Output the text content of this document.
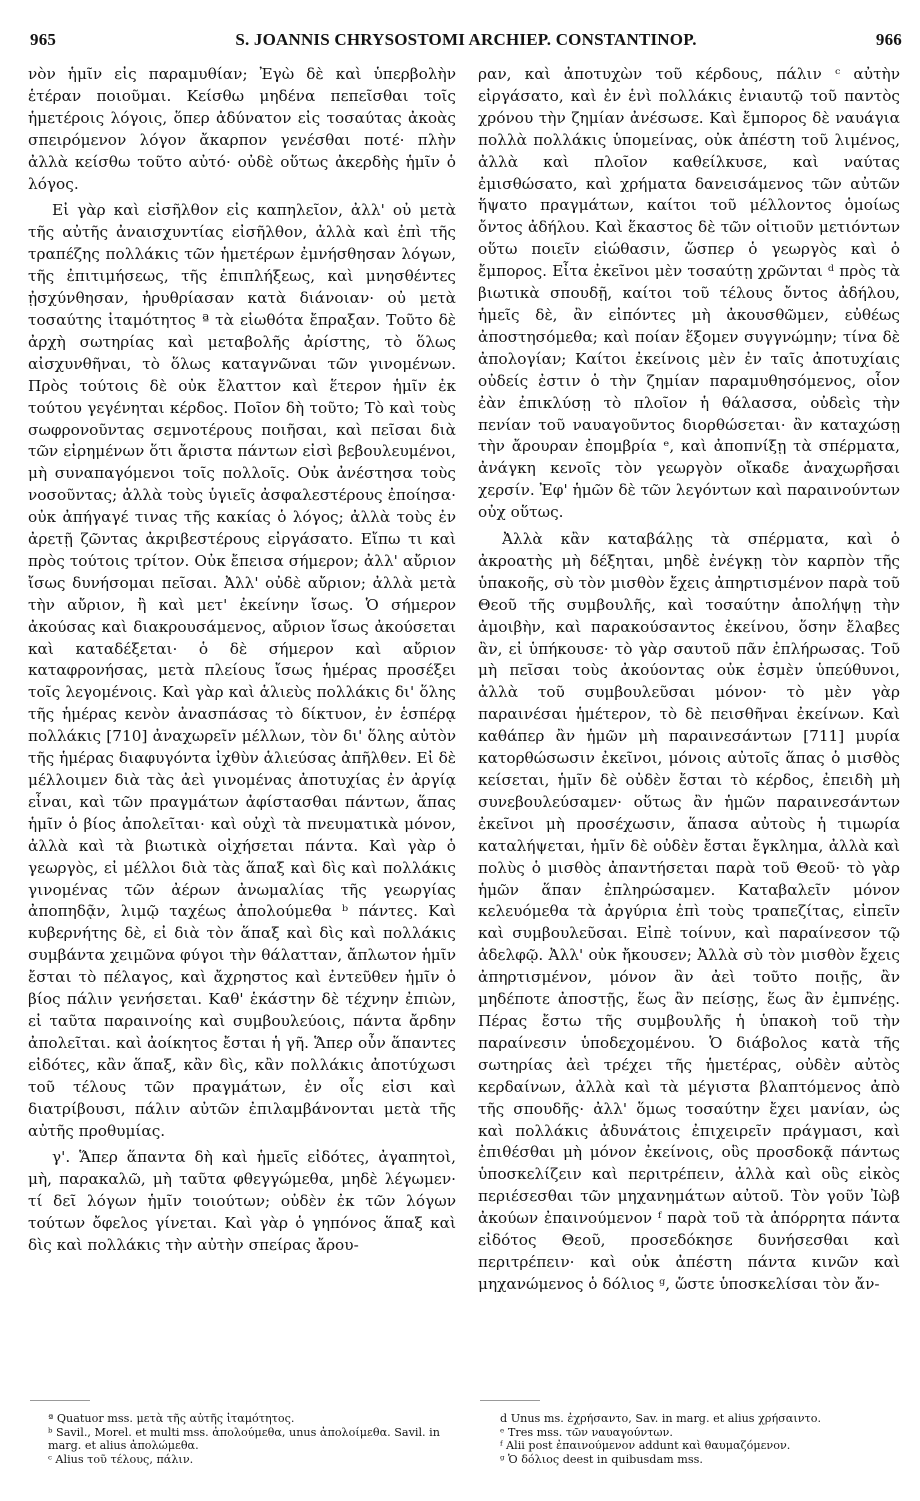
965	S. JOANNIS CHRYSOSTOMI ARCHIEP. CONSTANTINOP.	966

νὸν ἡμῖν εἰς παραμυθίαν; Ἐγὼ δὲ καὶ ὑπερβολὴν ἑτέραν ποιοῦμαι. Κείσθω μηδένα πεπεῖσθαι τοῖς ἡμετέροις λόγοις, ὅπερ ἀδύνατον εἰς τοσαύτας ἀκοὰς σπειρόμενον λόγον ἄκαρπον γενέσθαι ποτέ· πλὴν ἀλλὰ κείσθω τοῦτο αὐτό· οὐδὲ οὕτως ἀκερδὴς ἡμῖν ὁ λόγος.

Εἰ γὰρ καὶ εἰσῆλθον εἰς καπηλεῖον, ἀλλ' οὐ μετὰ τῆς αὐτῆς ἀναισχυντίας εἰσῆλθον, ἀλλὰ καὶ ἐπὶ τῆς τραπέζης πολλάκις τῶν ἡμετέρων ἐμνήσθησαν λόγων, τῆς ἐπιτιμήσεως, τῆς ἐπιπλήξεως, καὶ μνησθέντες ᾐσχύνθησαν, ἠρυθρίασαν κατὰ διάνοιαν· οὐ μετὰ τοσαύτης ἰταμότητος ª τὰ εἰωθότα ἔπραξαν. Τοῦτο δὲ ἀρχὴ σωτηρίας καὶ μεταβολῆς ἀρίστης, τὸ ὅλως αἰσχυνθῆναι, τὸ ὅλως καταγνῶναι τῶν γινομένων. Πρὸς τούτοις δὲ οὐκ ἔλαττον καὶ ἕτερον ἡμῖν ἐκ τούτου γεγένηται κέρδος. Ποῖον δὴ τοῦτο; Τὸ καὶ τοὺς σωφρονοῦντας σεμνοτέρους ποιῆσαι, καὶ πεῖσαι διὰ τῶν εἰρημένων ὅτι ἄριστα πάντων εἰσὶ βεβουλευμένοι, μὴ συναπαγόμενοι τοῖς πολλοῖς. Οὐκ ἀνέστησα τοὺς νοσοῦντας; ἀλλὰ τοὺς ὑγιεῖς ἀσφαλεστέρους ἐποίησα· οὐκ ἀπήγαγέ τινας τῆς κακίας ὁ λόγος; ἀλλὰ τοὺς ἐν ἀρετῇ ζῶντας ἀκριβεστέρους εἰργάσατο. Εἴπω τι καὶ πρὸς τούτοις τρίτον. Οὐκ ἔπεισα σήμερον; ἀλλ' αὔριον ἴσως δυνήσομαι πεῖσαι. Ἀλλ' οὐδὲ αὔριον; ἀλλὰ μετὰ τὴν αὔριον, ἢ καὶ μετ' ἐκείνην ἴσως. Ὁ σήμερον ἀκούσας καὶ διακρουσάμενος, αὔριον ἴσως ἀκούσεται καὶ καταδέξεται· ὁ δὲ σήμερον καὶ αὔριον καταφρονήσας, μετὰ πλείους ἴσως ἡμέρας προσέξει τοῖς λεγομένοις. Καὶ γὰρ καὶ ἁλιεὺς πολλάκις δι' ὅλης τῆς ἡμέρας κενὸν ἀνασπάσας τὸ δίκτυον, ἐν ἑσπέρᾳ πολλάκις [710] ἀναχωρεῖν μέλλων, τὸν δι' ὅλης αὐτὸν τῆς ἡμέρας διαφυγόντα ἰχθὺν ἁλιεύσας ἀπῆλθεν. Εἰ δὲ μέλλοιμεν διὰ τὰς ἀεὶ γινομένας ἀποτυχίας ἐν ἀργίᾳ εἶναι, καὶ τῶν πραγμάτων ἀφίστασθαι πάντων, ἅπας ἡμῖν ὁ βίος ἀπολεῖται· καὶ οὐχὶ τὰ πνευματικὰ μόνον, ἀλλὰ καὶ τὰ βιωτικὰ οἰχήσεται πάντα. Καὶ γὰρ ὁ γεωργὸς, εἰ μέλλοι διὰ τὰς ἅπαξ καὶ δὶς καὶ πολλάκις γινομένας τῶν ἀέρων ἀνωμαλίας τῆς γεωργίας ἀποπηδᾷν, λιμῷ ταχέως ἀπολούμεθα ᵇ πάντες. Καὶ κυβερνήτης δὲ, εἰ διὰ τὸν ἅπαξ καὶ δὶς καὶ πολλάκις συμβάντα χειμῶνα φύγοι τὴν θάλατταν, ἄπλωτον ἡμῖν ἔσται τὸ πέλαγος, καὶ ἄχρηστος καὶ ἐντεῦθεν ἡμῖν ὁ βίος πάλιν γενήσεται. Καθ' ἑκάστην δὲ τέχνην ἐπιὼν, εἰ ταῦτα παραινοίης καὶ συμβουλεύοις, πάντα ἄρδην ἀπολεῖται. καὶ ἀοίκητος ἔσται ἡ γῆ. Ἅπερ οὖν ἅπαντες εἰδότες, κἂν ἅπαξ, κἂν δὶς, κἂν πολλάκις ἀποτύχωσι τοῦ τέλους τῶν πραγμάτων, ἐν οἷς εἰσι καὶ διατρίβουσι, πάλιν αὐτῶν ἐπιλαμβάνονται μετὰ τῆς αὐτῆς προθυμίας.

γ'. Ἅπερ ἅπαντα δὴ καὶ ἡμεῖς εἰδότες, ἀγαπητοὶ, μὴ, παρακαλῶ, μὴ ταῦτα φθεγγώμεθα, μηδὲ λέγωμεν· τί δεῖ λόγων ἡμῖν τοιούτων; οὐδὲν ἐκ τῶν λόγων τούτων ὄφελος γίνεται. Καὶ γὰρ ὁ γηπόνος ἅπαξ καὶ δὶς καὶ πολλάκις τὴν αὐτὴν σπείρας ἄρου-

ραν, καὶ ἀποτυχὼν τοῦ κέρδους, πάλιν ᶜ αὐτὴν εἰργάσατο, καὶ ἐν ἑνὶ πολλάκις ἐνιαυτῷ τοῦ παντὸς χρόνου τὴν ζημίαν ἀνέσωσε. Καὶ ἔμπορος δὲ ναυάγια πολλὰ πολλάκις ὑπομείνας, οὐκ ἀπέστη τοῦ λιμένος, ἀλλὰ καὶ πλοῖον καθείλκυσε, καὶ ναύτας ἐμισθώσατο, καὶ χρήματα δανεισάμενος τῶν αὐτῶν ἥψατο πραγμάτων, καίτοι τοῦ μέλλοντος ὁμοίως ὄντος ἀδήλου. Καὶ ἕκαστος δὲ τῶν οἱτιοῦν μετιόντων οὕτω ποιεῖν εἰώθασιν, ὥσπερ ὁ γεωργὸς καὶ ὁ ἔμπορος. Εἶτα ἐκεῖνοι μὲν τοσαύτῃ χρῶνται ᵈ πρὸς τὰ βιωτικὰ σπουδῇ, καίτοι τοῦ τέλους ὄντος ἀδήλου, ἡμεῖς δὲ, ἂν εἰπόντες μὴ ἀκουσθῶμεν, εὐθέως ἀποστησόμεθα; καὶ ποίαν ἕξομεν συγγνώμην; τίνα δὲ ἀπολογίαν; Καίτοι ἐκείνοις μὲν ἐν ταῖς ἀποτυχίαις οὐδείς ἐστιν ὁ τὴν ζημίαν παραμυθησόμενος, οἷον ἐὰν ἐπικλύσῃ τὸ πλοῖον ἡ θάλασσα, οὐδεὶς τὴν πενίαν τοῦ ναυαγοῦντος διορθώσεται· ἂν καταχώσῃ τὴν ἄρουραν ἐπομβρία ᵉ, καὶ ἀποπνίξῃ τὰ σπέρματα, ἀνάγκη κενοῖς τὸν γεωργὸν οἴκαδε ἀναχωρῆσαι χερσίν. Ἐφ' ἡμῶν δὲ τῶν λεγόντων καὶ παραινούντων οὐχ οὕτως.

Ἀλλὰ κἂν καταβάλῃς τὰ σπέρματα, καὶ ὁ ἀκροατὴς μὴ δέξηται, μηδὲ ἐνέγκῃ τὸν καρπὸν τῆς ὑπακοῆς, σὺ τὸν μισθὸν ἔχεις ἀπηρτισμένον παρὰ τοῦ Θεοῦ τῆς συμβουλῆς, καὶ τοσαύτην ἀπολήψῃ τὴν ἀμοιβὴν, καὶ παρακούσαντος ἐκείνου, ὅσην ἔλαβες ἂν, εἰ ὑπήκουσε· τὸ γὰρ σαυτοῦ πᾶν ἐπλήρωσας. Τοῦ μὴ πεῖσαι τοὺς ἀκούοντας οὐκ ἐσμὲν ὑπεύθυνοι, ἀλλὰ τοῦ συμβουλεῦσαι μόνον· τὸ μὲν γὰρ παραινέσαι ἡμέτερον, τὸ δὲ πεισθῆναι ἐκείνων. Καὶ καθάπερ ἂν ἡμῶν μὴ παραινεσάντων [711] μυρία κατορθώσωσιν ἐκεῖνοι, μόνοις αὐτοῖς ἅπας ὁ μισθὸς κείσεται, ἡμῖν δὲ οὐδὲν ἔσται τὸ κέρδος, ἐπειδὴ μὴ συνεβουλεύσαμεν· οὕτως ἂν ἡμῶν παραινεσάντων ἐκεῖνοι μὴ προσέχωσιν, ἅπασα αὐτοὺς ἡ τιμωρία καταλήψεται, ἡμῖν δὲ οὐδὲν ἔσται ἔγκλημα, ἀλλὰ καὶ πολὺς ὁ μισθὸς ἀπαντήσεται παρὰ τοῦ Θεοῦ· τὸ γὰρ ἡμῶν ἅπαν ἐπληρώσαμεν. Καταβαλεῖν μόνον κελευόμεθα τὰ ἀργύρια ἐπὶ τοὺς τραπεζίτας, εἰπεῖν καὶ συμβουλεῦσαι. Εἰπὲ τοίνυν, καὶ παραίνεσον τῷ ἀδελφῷ. Ἀλλ' οὐκ ἤκουσεν; Ἀλλὰ σὺ τὸν μισθὸν ἔχεις ἀπηρτισμένον, μόνον ἂν ἀεὶ τοῦτο ποιῇς, ἂν μηδέποτε ἀποστῇς, ἕως ἂν πείσῃς, ἕως ἂν ἐμπνέῃς. Πέρας ἔστω τῆς συμβουλῆς ἡ ὑπακοὴ τοῦ τὴν παραίνεσιν ὑποδεχομένου. Ὁ διάβολος κατὰ τῆς σωτηρίας ἀεὶ τρέχει τῆς ἡμετέρας, οὐδὲν αὐτὸς κερδαίνων, ἀλλὰ καὶ τὰ μέγιστα βλαπτόμενος ἀπὸ τῆς σπουδῆς· ἀλλ' ὅμως τοσαύτην ἔχει μανίαν, ὡς καὶ πολλάκις ἀδυνάτοις ἐπιχειρεῖν πράγμασι, καὶ ἐπιθέσθαι μὴ μόνον ἐκείνοις, οὓς προσδοκᾷ πάντως ὑποσκελίζειν καὶ περιτρέπειν, ἀλλὰ καὶ οὓς εἰκὸς περιέσεσθαι τῶν μηχανημάτων αὐτοῦ. Τὸν γοῦν Ἰὼβ ἀκούων ἐπαινούμενον ᶠ παρὰ τοῦ τὰ ἀπόρρητα πάντα εἰδότος Θεοῦ, προσεδόκησε δυνήσεσθαι καὶ περιτρέπειν· καὶ οὐκ ἀπέστη πάντα κινῶν καὶ μηχανώμενος ὁ δόλιος ᵍ, ὥστε ὑποσκελίσαι τὸν ἄν-

ª Quatuor mss. μετὰ τῆς αὐτῆς ἰταμότητος.
ᵇ Savil., Morel. et multi mss. ἀπολούμεθα, unus ἀπολοίμεθα. Savil. in marg. et alius ἀπολώμεθα.
ᶜ Alius τοῦ τέλους, πάλιν.
d Unus ms. ἐχρήσαντο, Sav. in marg. et alius χρήσαιντο.
ᵉ Tres mss. τῶν ναυαγούντων.
ᶠ Alii post ἐπαινούμενον addunt καὶ θαυμαζόμενον.
ᵍ Ὁ δόλιος deest in quibusdam mss.
